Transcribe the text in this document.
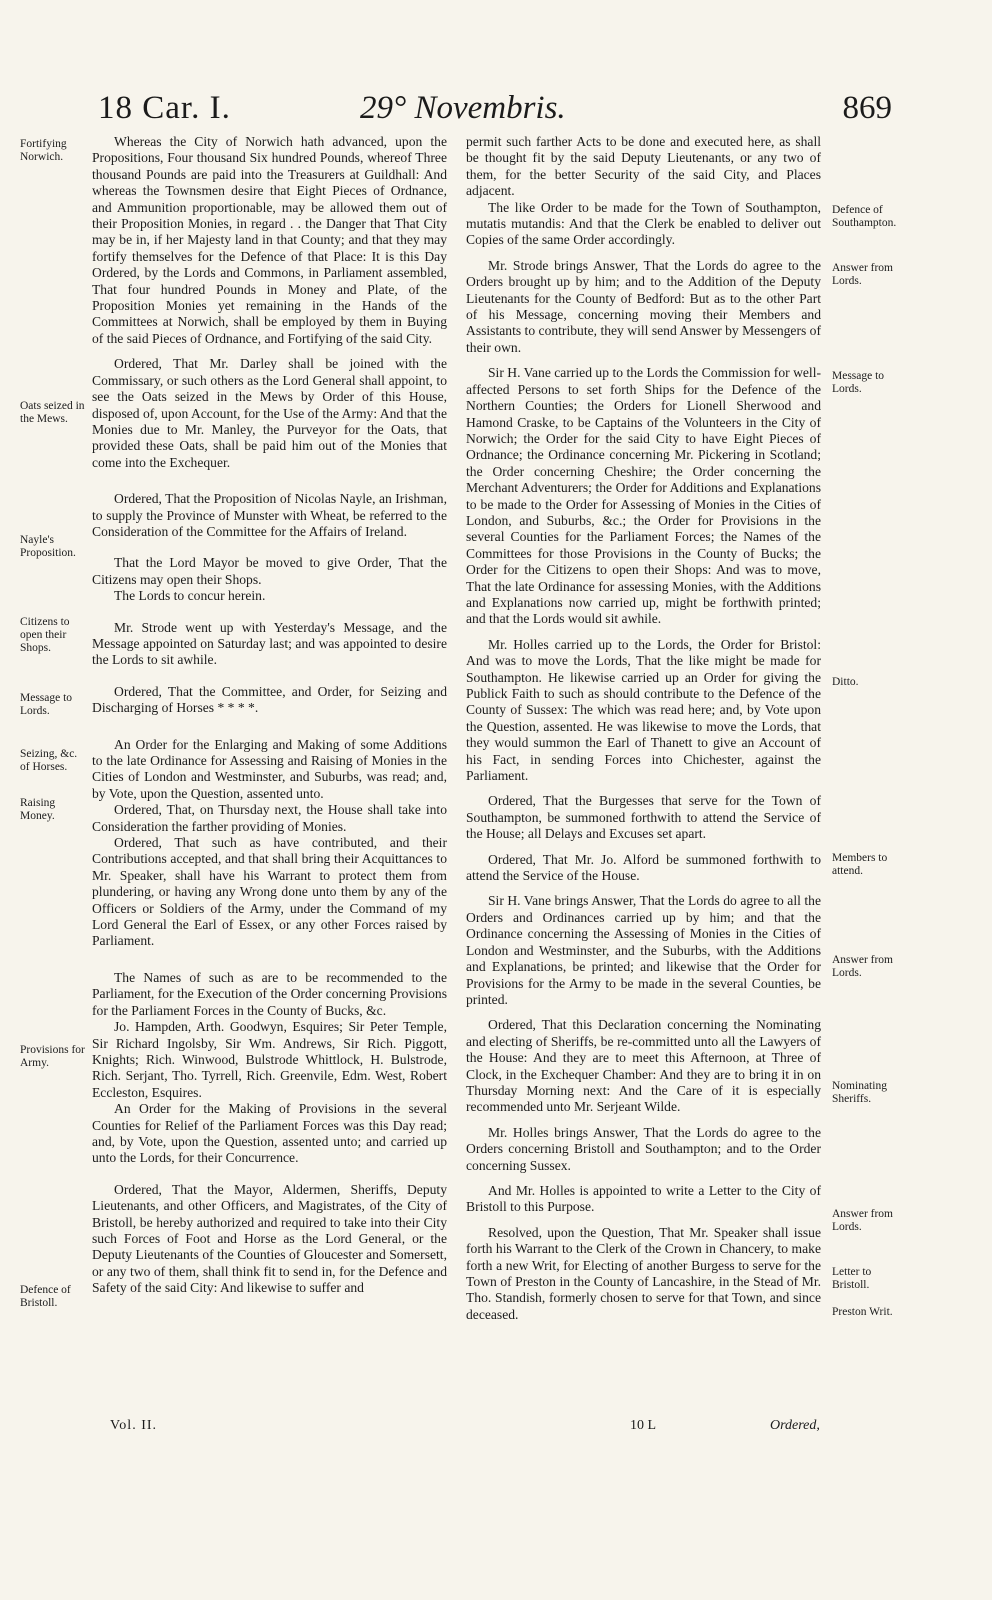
18 Car. I.	29° Novembris.	869
Fortifying Norwich.
Oats seized in the Mews.
Nayle's Proposition.
Citizens to open their Shops.
Message to Lords.
Seizing, &c. of Horses.
Raising Money.
Provisions for Army.
Defence of Bristoll.
Defence of Southampton.
Answer from Lords.
Message to Lords.
Ditto.
Members to attend.
Answer from Lords.
Nominating Sheriffs.
Answer from Lords.
Letter to Bristoll.
Preston Writ.

Whereas the City of Norwich hath advanced, upon the Propositions, Four thousand Six hundred Pounds, whereof Three thousand Pounds are paid into the Treasurers at Guildhall: And whereas the Townsmen desire that Eight Pieces of Ordnance, and Ammunition proportionable, may be allowed them out of their Proposition Monies, in regard . . the Danger that That City may be in, if her Majesty land in that County; and that they may fortify themselves for the Defence of that Place: It is this Day Ordered, by the Lords and Commons, in Parliament assembled, That four hundred Pounds in Money and Plate, of the Proposition Monies yet remaining in the Hands of the Committees at Norwich, shall be employed by them in Buying of the said Pieces of Ordnance, and Fortifying of the said City.

Ordered, That Mr. Darley shall be joined with the Commissary, or such others as the Lord General shall appoint, to see the Oats seized in the Mews by Order of this House, disposed of, upon Account, for the Use of the Army: And that the Monies due to Mr. Manley, the Purveyor for the Oats, that provided these Oats, shall be paid him out of the Monies that come into the Exchequer.

Ordered, That the Proposition of Nicolas Nayle, an Irishman, to supply the Province of Munster with Wheat, be referred to the Consideration of the Committee for the Affairs of Ireland.

That the Lord Mayor be moved to give Order, That the Citizens may open their Shops.

The Lords to concur herein.

Mr. Strode went up with Yesterday's Message, and the Message appointed on Saturday last; and was appointed to desire the Lords to sit awhile.

Ordered, That the Committee, and Order, for Seizing and Discharging of Horses * * * *.

An Order for the Enlarging and Making of some Additions to the late Ordinance for Assessing and Raising of Monies in the Cities of London and Westminster, and Suburbs, was read; and, by Vote, upon the Question, assented unto.

Ordered, That, on Thursday next, the House shall take into Consideration the farther providing of Monies.

Ordered, That such as have contributed, and their Contributions accepted, and that shall bring their Acquittances to Mr. Speaker, shall have his Warrant to protect them from plundering, or having any Wrong done unto them by any of the Officers or Soldiers of the Army, under the Command of my Lord General the Earl of Essex, or any other Forces raised by Parliament.

The Names of such as are to be recommended to the Parliament, for the Execution of the Order concerning Provisions for the Parliament Forces in the County of Bucks, &c.

Jo. Hampden, Arth. Goodwyn, Esquires; Sir Peter Temple, Sir Richard Ingolsby, Sir Wm. Andrews, Sir Rich. Piggott, Knights; Rich. Winwood, Bulstrode Whittlock, H. Bulstrode, Rich. Serjant, Tho. Tyrrell, Rich. Greenvile, Edm. West, Robert Eccleston, Esquires.

An Order for the Making of Provisions in the several Counties for Relief of the Parliament Forces was this Day read; and, by Vote, upon the Question, assented unto; and carried up unto the Lords, for their Concurrence.

Ordered, That the Mayor, Aldermen, Sheriffs, Deputy Lieutenants, and other Officers, and Magistrates, of the City of Bristoll, be hereby authorized and required to take into their City such Forces of Foot and Horse as the Lord General, or the Deputy Lieutenants of the Counties of Gloucester and Somersett, or any two of them, shall think fit to send in, for the Defence and Safety of the said City: And likewise to suffer and

permit such farther Acts to be done and executed here, as shall be thought fit by the said Deputy Lieutenants, or any two of them, for the better Security of the said City, and Places adjacent.

The like Order to be made for the Town of Southampton, mutatis mutandis: And that the Clerk be enabled to deliver out Copies of the same Order accordingly.

Mr. Strode brings Answer, That the Lords do agree to the Orders brought up by him; and to the Addition of the Deputy Lieutenants for the County of Bedford: But as to the other Part of his Message, concerning moving their Members and Assistants to contribute, they will send Answer by Messengers of their own.

Sir H. Vane carried up to the Lords the Commission for well-affected Persons to set forth Ships for the Defence of the Northern Counties; the Orders for Lionell Sherwood and Hamond Craske, to be Captains of the Volunteers in the City of Norwich; the Order for the said City to have Eight Pieces of Ordnance; the Ordinance concerning Mr. Pickering in Scotland; the Order concerning Cheshire; the Order concerning the Merchant Adventurers; the Order for Additions and Explanations to be made to the Order for Assessing of Monies in the Cities of London, and Suburbs, &c.; the Order for Provisions in the several Counties for the Parliament Forces; the Names of the Committees for those Provisions in the County of Bucks; the Order for the Citizens to open their Shops: And was to move, That the late Ordinance for assessing Monies, with the Additions and Explanations now carried up, might be forthwith printed; and that the Lords would sit awhile.

Mr. Holles carried up to the Lords, the Order for Bristol: And was to move the Lords, That the like might be made for Southampton. He likewise carried up an Order for giving the Publick Faith to such as should contribute to the Defence of the County of Sussex: The which was read here; and, by Vote upon the Question, assented. He was likewise to move the Lords, that they would summon the Earl of Thanett to give an Account of his Fact, in sending Forces into Chichester, against the Parliament.

Ordered, That the Burgesses that serve for the Town of Southampton, be summoned forthwith to attend the Service of the House; all Delays and Excuses set apart.

Ordered, That Mr. Jo. Alford be summoned forthwith to attend the Service of the House.

Sir H. Vane brings Answer, That the Lords do agree to all the Orders and Ordinances carried up by him; and that the Ordinance concerning the Assessing of Monies in the Cities of London and Westminster, and the Suburbs, with the Additions and Explanations, be printed; and likewise that the Order for Provisions for the Army to be made in the several Counties, be printed.

Ordered, That this Declaration concerning the Nominating and electing of Sheriffs, be re-committed unto all the Lawyers of the House: And they are to meet this Afternoon, at Three of Clock, in the Exchequer Chamber: And they are to bring it in on Thursday Morning next: And the Care of it is especially recommended unto Mr. Serjeant Wilde.

Mr. Holles brings Answer, That the Lords do agree to the Orders concerning Bristoll and Southampton; and to the Order concerning Sussex.

And Mr. Holles is appointed to write a Letter to the City of Bristoll to this Purpose.

Resolved, upon the Question, That Mr. Speaker shall issue forth his Warrant to the Clerk of the Crown in Chancery, to make forth a new Writ, for Electing of another Burgess to serve for the Town of Preston in the County of Lancashire, in the Stead of Mr. Tho. Standish, formerly chosen to serve for that Town, and since deceased.

Vol. II.	10 L	Ordered,
